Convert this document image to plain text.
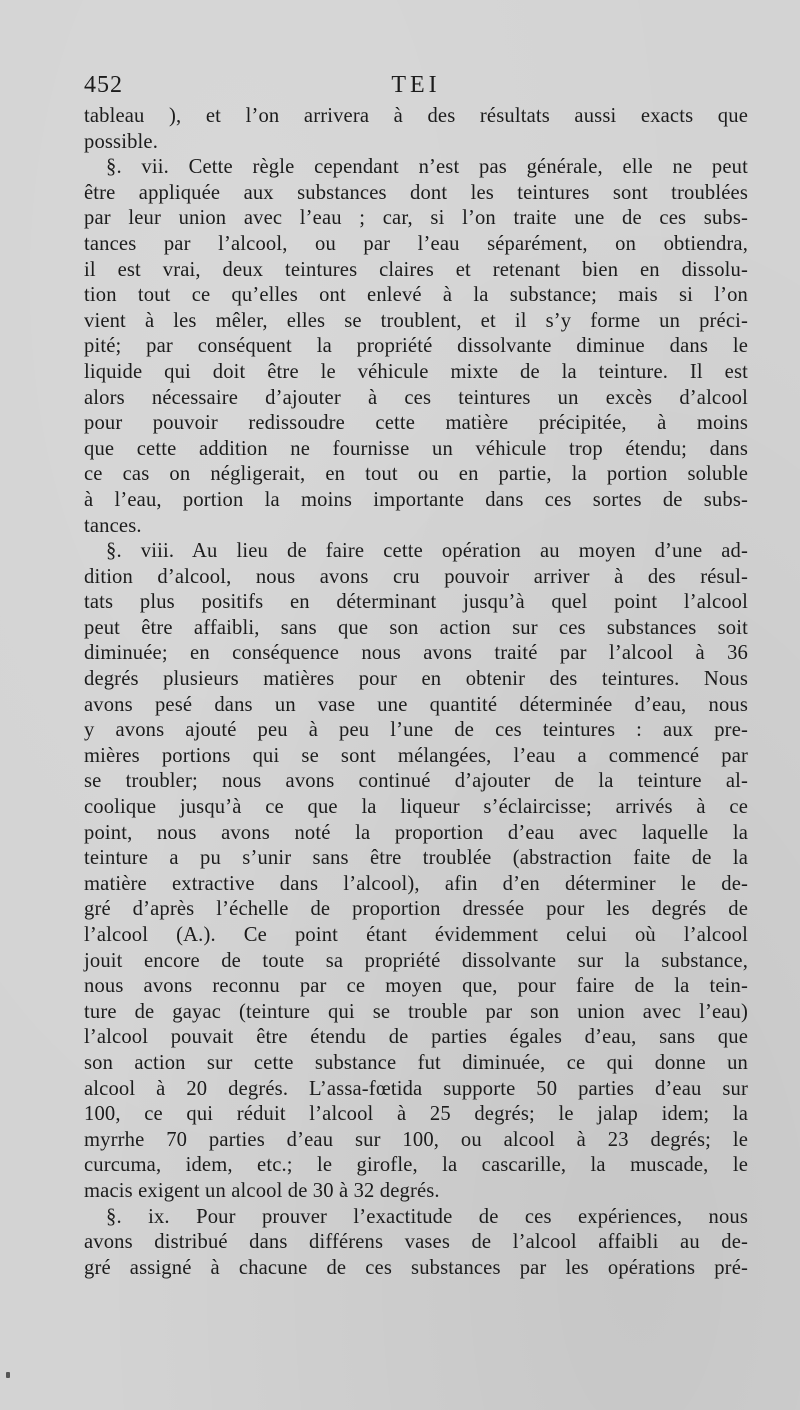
452	TEI
tableau ), et l’on arrivera à des résultats aussi exacts que
possible.
§. vii. Cette règle cependant n’est pas générale, elle ne peut
être appliquée aux substances dont les teintures sont troublées
par leur union avec l’eau ; car, si l’on traite une de ces subs-
tances par l’alcool, ou par l’eau séparément, on obtiendra,
il est vrai, deux teintures claires et retenant bien en dissolu-
tion tout ce qu’elles ont enlevé à la substance; mais si l’on
vient à les mêler, elles se troublent, et il s’y forme un préci-
pité; par conséquent la propriété dissolvante diminue dans le
liquide qui doit être le véhicule mixte de la teinture. Il est
alors nécessaire d’ajouter à ces teintures un excès d’alcool
pour pouvoir redissoudre cette matière précipitée, à moins
que cette addition ne fournisse un véhicule trop étendu; dans
ce cas on négligerait, en tout ou en partie, la portion soluble
à l’eau, portion la moins importante dans ces sortes de subs-
tances.
§. viii. Au lieu de faire cette opération au moyen d’une ad-
dition d’alcool, nous avons cru pouvoir arriver à des résul-
tats plus positifs en déterminant jusqu’à quel point l’alcool
peut être affaibli, sans que son action sur ces substances soit
diminuée; en conséquence nous avons traité par l’alcool à 36
degrés plusieurs matières pour en obtenir des teintures. Nous
avons pesé dans un vase une quantité déterminée d’eau, nous
y avons ajouté peu à peu l’une de ces teintures : aux pre-
mières portions qui se sont mélangées, l’eau a commencé par
se troubler; nous avons continué d’ajouter de la teinture al-
coolique jusqu’à ce que la liqueur s’éclaircisse; arrivés à ce
point, nous avons noté la proportion d’eau avec laquelle la
teinture a pu s’unir sans être troublée (abstraction faite de la
matière extractive dans l’alcool), afin d’en déterminer le de-
gré d’après l’échelle de proportion dressée pour les degrés de
l’alcool (A.). Ce point étant évidemment celui où l’alcool
jouit encore de toute sa propriété dissolvante sur la substance,
nous avons reconnu par ce moyen que, pour faire de la tein-
ture de gayac (teinture qui se trouble par son union avec l’eau)
l’alcool pouvait être étendu de parties égales d’eau, sans que
son action sur cette substance fut diminuée, ce qui donne un
alcool à 20 degrés. L’assa-fœtida supporte 50 parties d’eau sur
100, ce qui réduit l’alcool à 25 degrés; le jalap idem; la
myrrhe 70 parties d’eau sur 100, ou alcool à 23 degrés; le
curcuma, idem, etc.; le girofle, la cascarille, la muscade, le
macis exigent un alcool de 30 à 32 degrés.
§. ix. Pour prouver l’exactitude de ces expériences, nous
avons distribué dans différens vases de l’alcool affaibli au de-
gré assigné à chacune de ces substances par les opérations pré-
